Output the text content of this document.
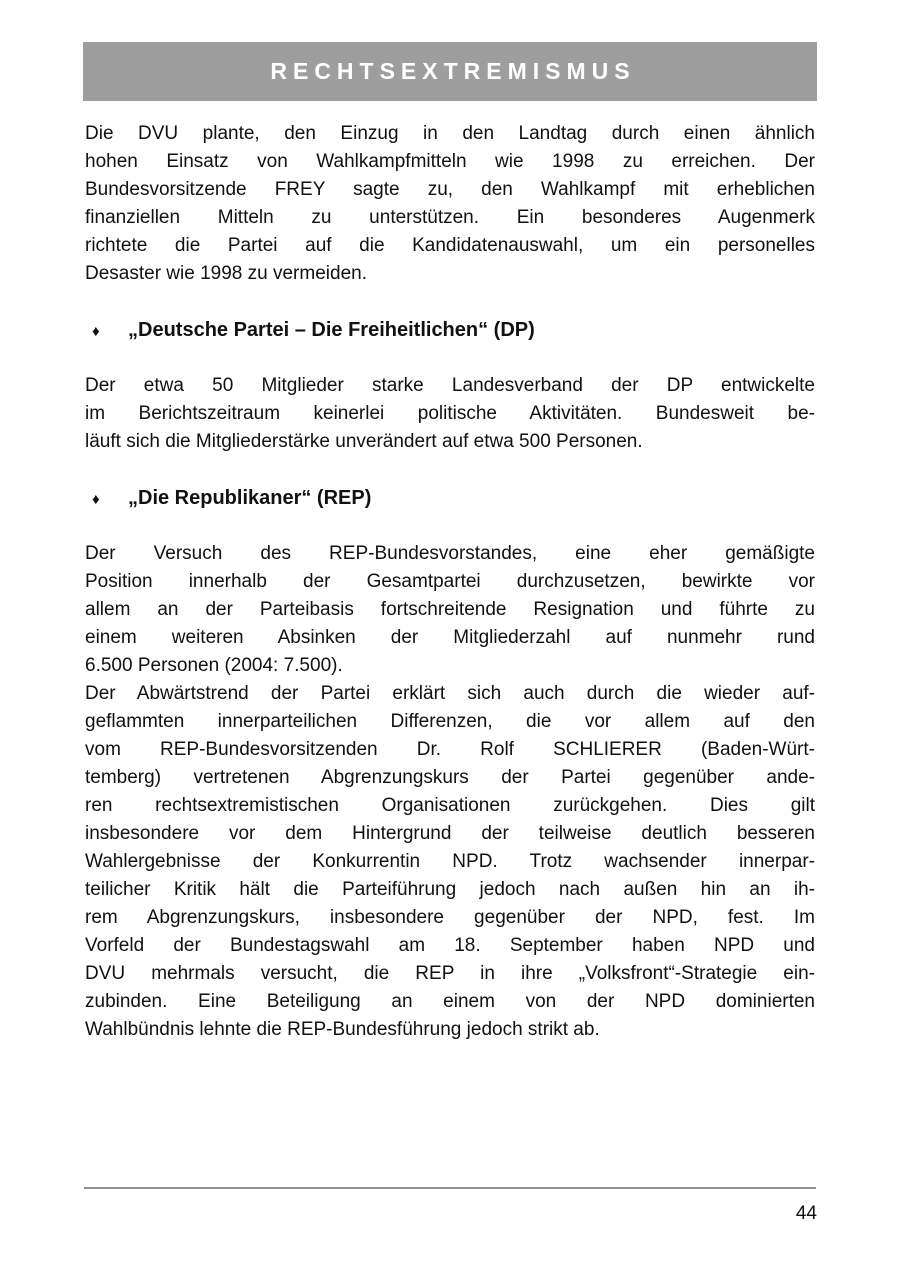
RECHTSEXTREMISMUS
Die DVU plante, den Einzug in den Landtag durch einen ähnlich
hohen Einsatz von Wahlkampfmitteln wie 1998 zu erreichen. Der
Bundesvorsitzende FREY sagte zu, den Wahlkampf mit erheblichen
finanziellen Mitteln zu unterstützen. Ein besonderes Augenmerk
richtete die Partei auf die Kandidatenauswahl, um ein personelles
Desaster wie 1998 zu vermeiden.
♦	„Deutsche Partei – Die Freiheitlichen“ (DP)
Der etwa 50 Mitglieder starke Landesverband der DP entwickelte
im Berichtszeitraum keinerlei politische Aktivitäten. Bundesweit be-
läuft sich die Mitgliederstärke unverändert auf etwa 500 Personen.
♦	„Die Republikaner“ (REP)
Der Versuch des REP-Bundesvorstandes, eine eher gemäßigte
Position innerhalb der Gesamtpartei durchzusetzen, bewirkte vor
allem an der Parteibasis fortschreitende Resignation und führte zu
einem weiteren Absinken der Mitgliederzahl auf nunmehr rund
6.500 Personen (2004: 7.500).
Der Abwärtstrend der Partei erklärt sich auch durch die wieder auf-
geflammten innerparteilichen Differenzen, die vor allem auf den
vom REP-Bundesvorsitzenden Dr. Rolf SCHLIERER (Baden-Würt-
temberg) vertretenen Abgrenzungskurs der Partei gegenüber ande-
ren rechtsextremistischen Organisationen zurückgehen. Dies gilt
insbesondere vor dem Hintergrund der teilweise deutlich besseren
Wahlergebnisse der Konkurrentin NPD. Trotz wachsender innerpar-
teilicher Kritik hält die Parteiführung jedoch nach außen hin an ih-
rem Abgrenzungskurs, insbesondere gegenüber der NPD, fest. Im
Vorfeld der Bundestagswahl am 18. September haben NPD und
DVU mehrmals versucht, die REP in ihre „Volksfront“-Strategie ein-
zubinden. Eine Beteiligung an einem von der NPD dominierten
Wahlbündnis lehnte die REP-Bundesführung jedoch strikt ab.
44
